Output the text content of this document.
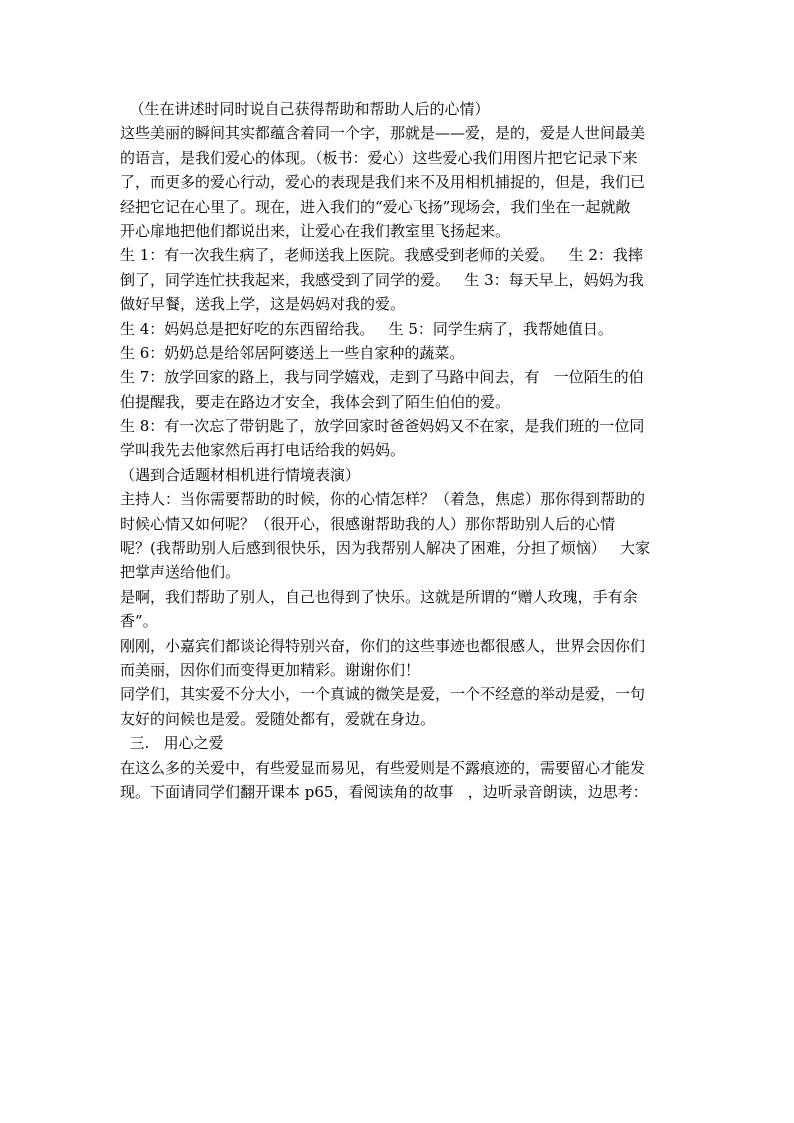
（生在讲述时同时说自己获得帮助和帮助人后的心情）
这些美丽的瞬间其实都蕴含着同一个字，那就是——爱，是的，爱是人世间最美
的语言，是我们爱心的体现。（板书：爱心）这些爱心我们用图片把它记录下来
了，而更多的爱心行动，爱心的表现是我们来不及用相机捕捉的，但是，我们已
经把它记在心里了。现在，进入我们的“爱心飞扬”现场会，我们坐在一起就敞
开心扉地把他们都说出来，让爱心在我们教室里飞扬起来。
生 1：有一次我生病了，老师送我上医院。我感受到老师的关爱。   生 2：我摔
倒了，同学连忙扶我起来，我感受到了同学的爱。   生 3：每天早上，妈妈为我
做好早餐，送我上学，这是妈妈对我的爱。
生 4：妈妈总是把好吃的东西留给我。   生 5：同学生病了，我帮她值日。
生 6：奶奶总是给邻居阿婆送上一些自家种的蔬菜。
生 7：放学回家的路上，我与同学嬉戏，走到了马路中间去，有   一位陌生的伯
伯提醒我，要走在路边才安全，我体会到了陌生伯伯的爱。
生 8：有一次忘了带钥匙了，放学回家时爸爸妈妈又不在家，是我们班的一位同
学叫我先去他家然后再打电话给我的妈妈。
（遇到合适题材相机进行情境表演）
主持人：当你需要帮助的时候，你的心情怎样？（着急，焦虑）那你得到帮助的
时候心情又如何呢？（很开心，很感谢帮助我的人）那你帮助别人后的心情
呢？(我帮助别人后感到很快乐，因为我帮别人解决了困难，分担了烦恼）   大家
把掌声送给他们。
是啊，我们帮助了别人，自己也得到了快乐。这就是所谓的“赠人玫瑰，手有余
香”。
刚刚，小嘉宾们都谈论得特别兴奋，你们的这些事迹也都很感人，世界会因你们
而美丽，因你们而变得更加精彩。谢谢你们！
同学们，其实爱不分大小，一个真诚的微笑是爱，一个不经意的举动是爱，一句
友好的问候也是爱。爱随处都有，爱就在身边。
三.   用心之爱
在这么多的关爱中，有些爱显而易见，有些爱则是不露痕迹的，需要留心才能发
现。下面请同学们翻开课本 p65，看阅读角的故事   ，边听录音朗读，边思考：
